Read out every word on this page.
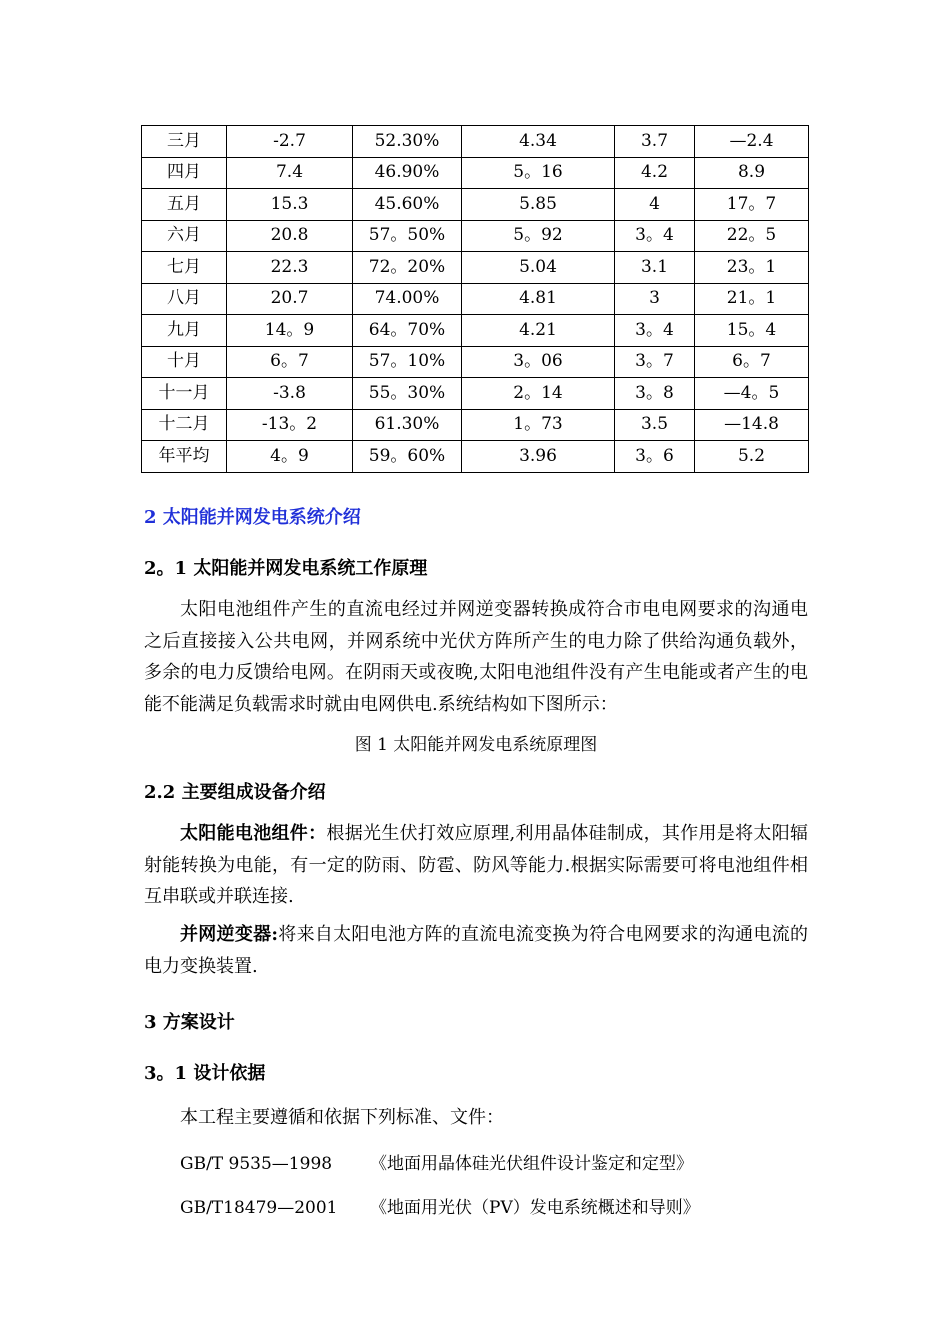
三月	-2.7	52.30%	4.34	3.7	—2.4
四月	7.4	46.90%	5。16	4.2	8.9
五月	15.3	45.60%	5.85	4	17。7
六月	20.8	57。50%	5。92	3。4	22。5
七月	22.3	72。20%	5.04	3.1	23。1
八月	20.7	74.00%	4.81	3	21。1
九月	14。9	64。70%	4.21	3。4	15。4
十月	6。7	57。10%	3。06	3。7	6。7
十一月	-3.8	55。30%	2。14	3。8	—4。5
十二月	-13。2	61.30%	1。73	3.5	—14.8
年平均	4。9	59。60%	3.96	3。6	5.2
2 太阳能并网发电系统介绍
2。1 太阳能并网发电系统工作原理
太阳电池组件产生的直流电经过并网逆变器转换成符合市电电网要求的沟通电之后直接接入公共电网，并网系统中光伏方阵所产生的电力除了供给沟通负载外，多余的电力反馈给电网。在阴雨天或夜晚,太阳电池组件没有产生电能或者产生的电能不能满足负载需求时就由电网供电.系统结构如下图所示：
图 1 太阳能并网发电系统原理图
2.2 主要组成设备介绍
太阳能电池组件：根据光生伏打效应原理,利用晶体硅制成，其作用是将太阳辐射能转换为电能，有一定的防雨、防雹、防风等能力.根据实际需要可将电池组件相互串联或并联连接.
并网逆变器:将来自太阳电池方阵的直流电流变换为符合电网要求的沟通电流的电力变换装置.
3 方案设计
3。1 设计依据
本工程主要遵循和依据下列标准、文件：
GB/T 9535—1998 《地面用晶体硅光伏组件设计鉴定和定型》
GB/T18479—2001 《地面用光伏（PV）发电系统概述和导则》
